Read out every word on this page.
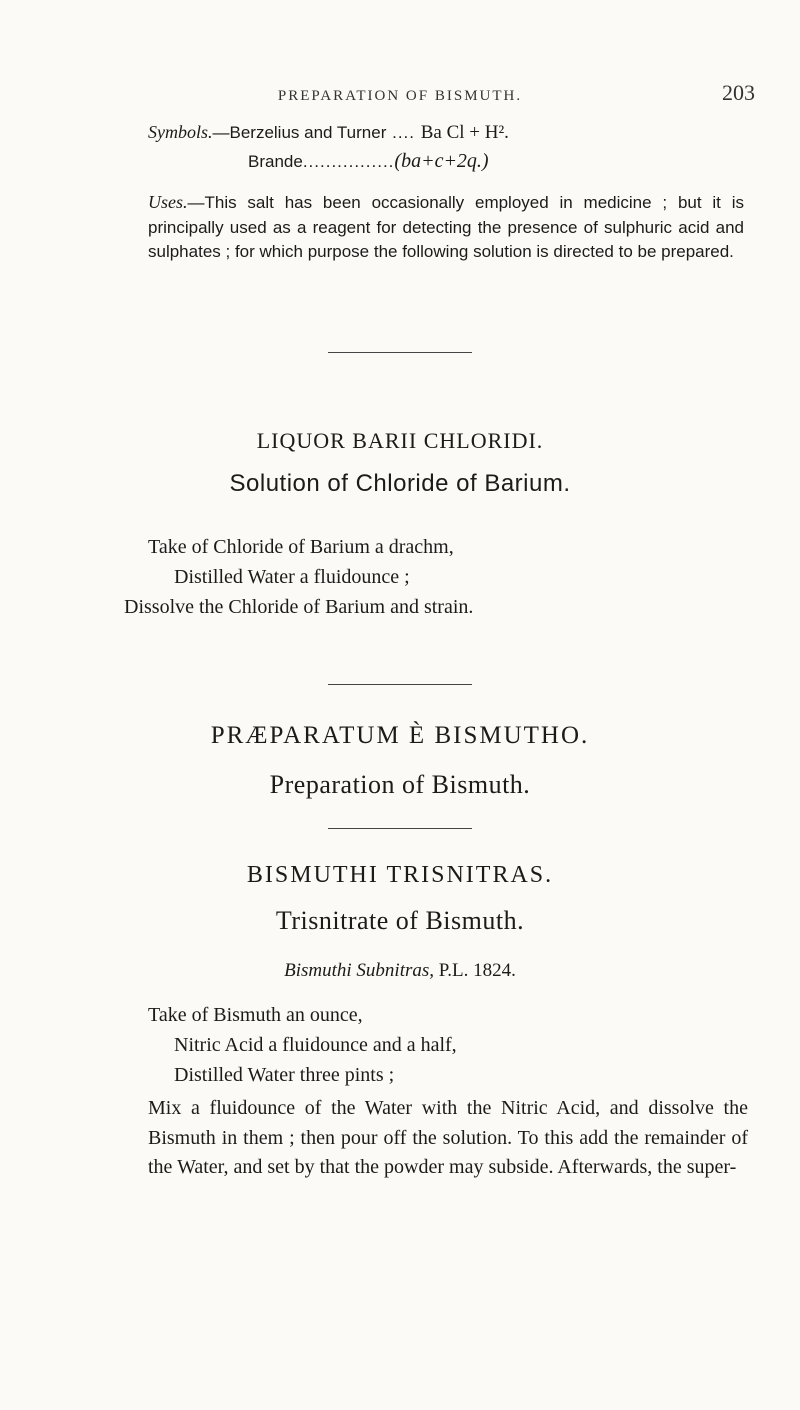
PREPARATION OF BISMUTH.	203
Symbols.—Berzelius and Turner .... Ba Cl + H².
Brande................(ba+c+2q.)
Uses.—This salt has been occasionally employed in medicine ; but it is principally used as a reagent for detecting the presence of sulphuric acid and sulphates ; for which purpose the following solution is directed to be prepared.
LIQUOR BARII CHLORIDI.
Solution of Chloride of Barium.
Take of Chloride of Barium a drachm,
Distilled Water a fluidounce ;
Dissolve the Chloride of Barium and strain.
PRÆPARATUM È BISMUTHO.
Preparation of Bismuth.
BISMUTHI TRISNITRAS.
Trisnitrate of Bismuth.
Bismuthi Subnitras, P.L. 1824.
Take of Bismuth an ounce,
Nitric Acid a fluidounce and a half,
Distilled Water three pints ;
Mix a fluidounce of the Water with the Nitric Acid, and dissolve the Bismuth in them ; then pour off the solution. To this add the remainder of the Water, and set by that the powder may subside. Afterwards, the super-
